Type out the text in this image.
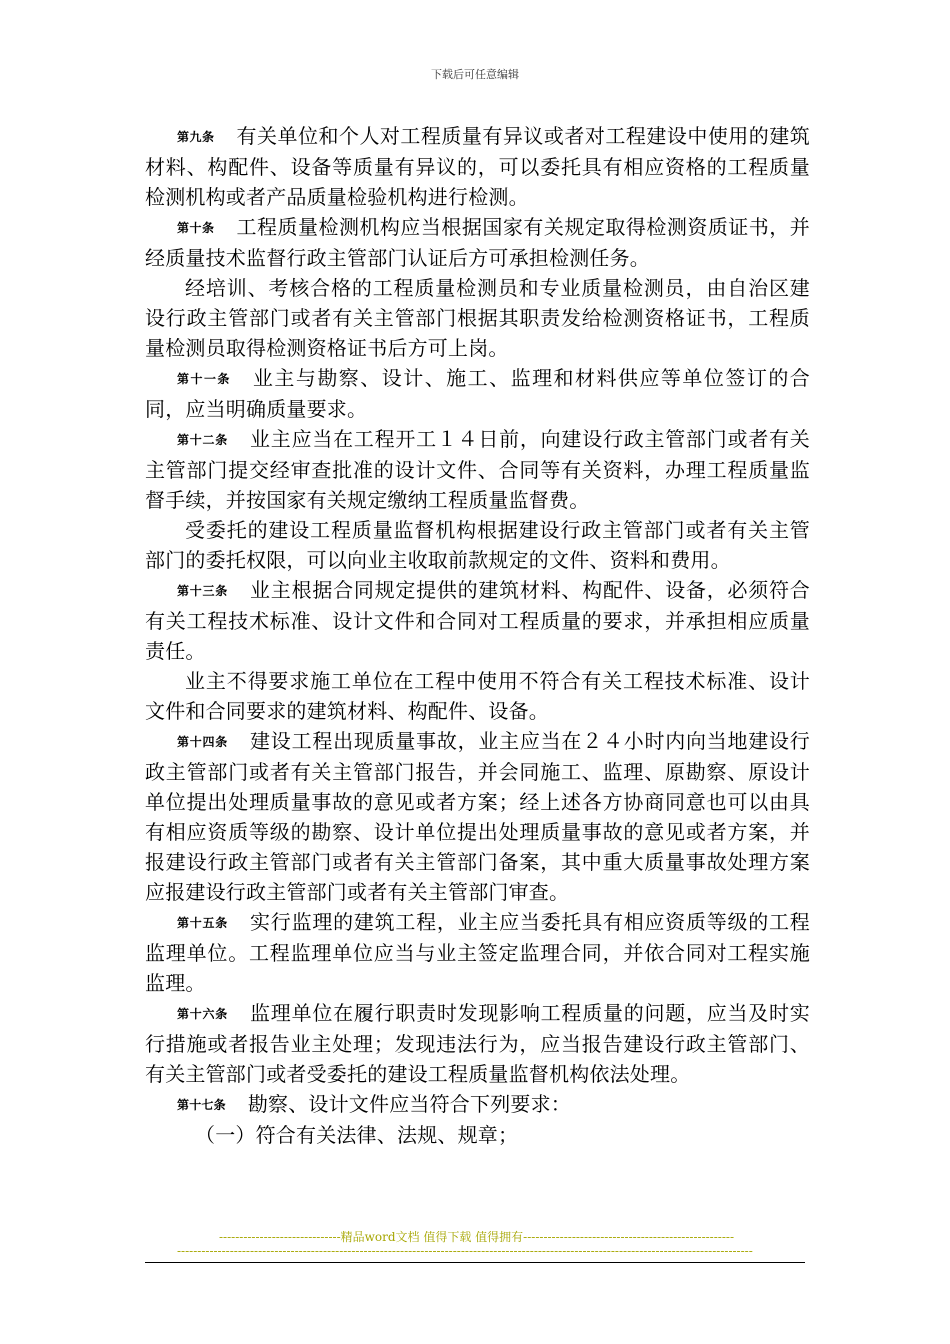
下载后可任意编辑

第九条 有关单位和个人对工程质量有异议或者对工程建设中使用的建筑材料、构配件、设备等质量有异议的，可以委托具有相应资格的工程质量检测机构或者产品质量检验机构进行检测。

第十条 工程质量检测机构应当根据国家有关规定取得检测资质证书，并经质量技术监督行政主管部门认证后方可承担检测任务。

经培训、考核合格的工程质量检测员和专业质量检测员，由自治区建设行政主管部门或者有关主管部门根据其职责发给检测资格证书，工程质量检测员取得检测资格证书后方可上岗。

第十一条 业主与勘察、设计、施工、监理和材料供应等单位签订的合同，应当明确质量要求。

第十二条 业主应当在工程开工１４日前，向建设行政主管部门或者有关主管部门提交经审查批准的设计文件、合同等有关资料，办理工程质量监督手续，并按国家有关规定缴纳工程质量监督费。

受委托的建设工程质量监督机构根据建设行政主管部门或者有关主管部门的委托权限，可以向业主收取前款规定的文件、资料和费用。

第十三条 业主根据合同规定提供的建筑材料、构配件、设备，必须符合有关工程技术标准、设计文件和合同对工程质量的要求，并承担相应质量责任。

业主不得要求施工单位在工程中使用不符合有关工程技术标准、设计文件和合同要求的建筑材料、构配件、设备。

第十四条 建设工程出现质量事故，业主应当在２４小时内向当地建设行政主管部门或者有关主管部门报告，并会同施工、监理、原勘察、原设计单位提出处理质量事故的意见或者方案；经上述各方协商同意也可以由具有相应资质等级的勘察、设计单位提出处理质量事故的意见或者方案，并报建设行政主管部门或者有关主管部门备案，其中重大质量事故处理方案应报建设行政主管部门或者有关主管部门审查。

第十五条 实行监理的建筑工程，业主应当委托具有相应资质等级的工程监理单位。工程监理单位应当与业主签定监理合同，并依合同对工程实施监理。

第十六条 监理单位在履行职责时发现影响工程质量的问题，应当及时实行措施或者报告业主处理；发现违法行为，应当报告建设行政主管部门、有关主管部门或者受委托的建设工程质量监督机构依法处理。

第十七条 勘察、设计文件应当符合下列要求：

（一）符合有关法律、法规、规章；

------------------------------精品word文档 值得下载 值得拥有----------------------------------------------------
----------------------------------------------------------------------------------------------------------------------------------------------
